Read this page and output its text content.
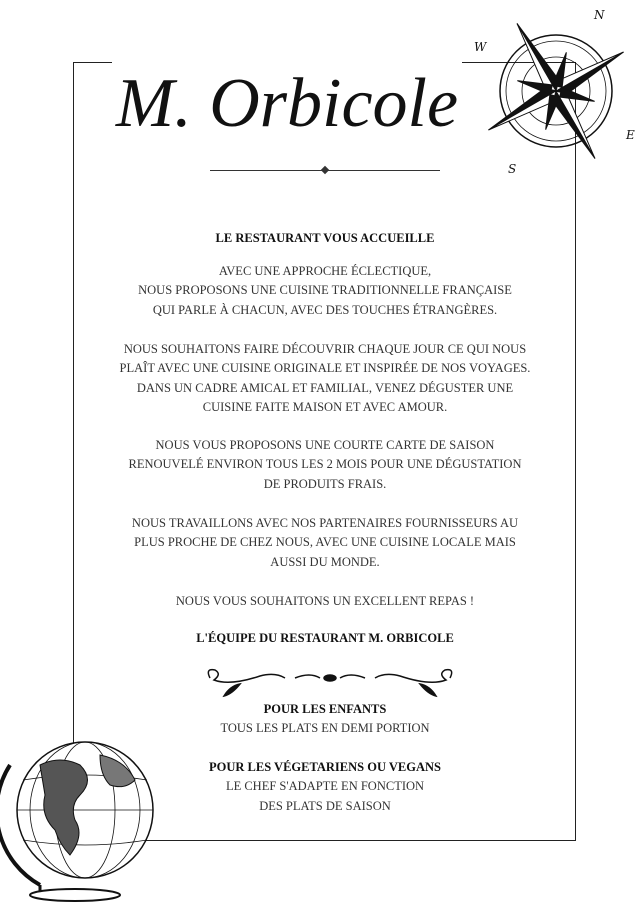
M. Orbicole
N
E
S
W
LE RESTAURANT VOUS ACCUEILLE
AVEC UNE APPROCHE ÉCLECTIQUE,
NOUS PROPOSONS UNE CUISINE TRADITIONNELLE FRANÇAISE
QUI PARLE À CHACUN, AVEC DES TOUCHES ÉTRANGÈRES.
NOUS SOUHAITONS FAIRE DÉCOUVRIR CHAQUE JOUR CE QUI NOUS
PLAÎT AVEC UNE CUISINE ORIGINALE ET INSPIRÉE DE NOS VOYAGES.
DANS UN CADRE AMICAL ET FAMILIAL, VENEZ DÉGUSTER UNE
CUISINE FAITE MAISON ET AVEC AMOUR.
NOUS VOUS PROPOSONS UNE COURTE CARTE DE SAISON
RENOUVELÉ ENVIRON TOUS LES 2 MOIS POUR UNE DÉGUSTATION
DE PRODUITS FRAIS.
NOUS TRAVAILLONS AVEC NOS PARTENAIRES FOURNISSEURS AU
PLUS PROCHE DE CHEZ NOUS, AVEC UNE CUISINE LOCALE MAIS
AUSSI DU MONDE.
NOUS VOUS SOUHAITONS UN EXCELLENT REPAS !
L'ÉQUIPE DU RESTAURANT M. ORBICOLE
POUR LES ENFANTS
TOUS LES PLATS EN DEMI PORTION
POUR LES VÉGETARIENS OU VEGANS
LE CHEF S'ADAPTE EN FONCTION
DES PLATS DE SAISON
